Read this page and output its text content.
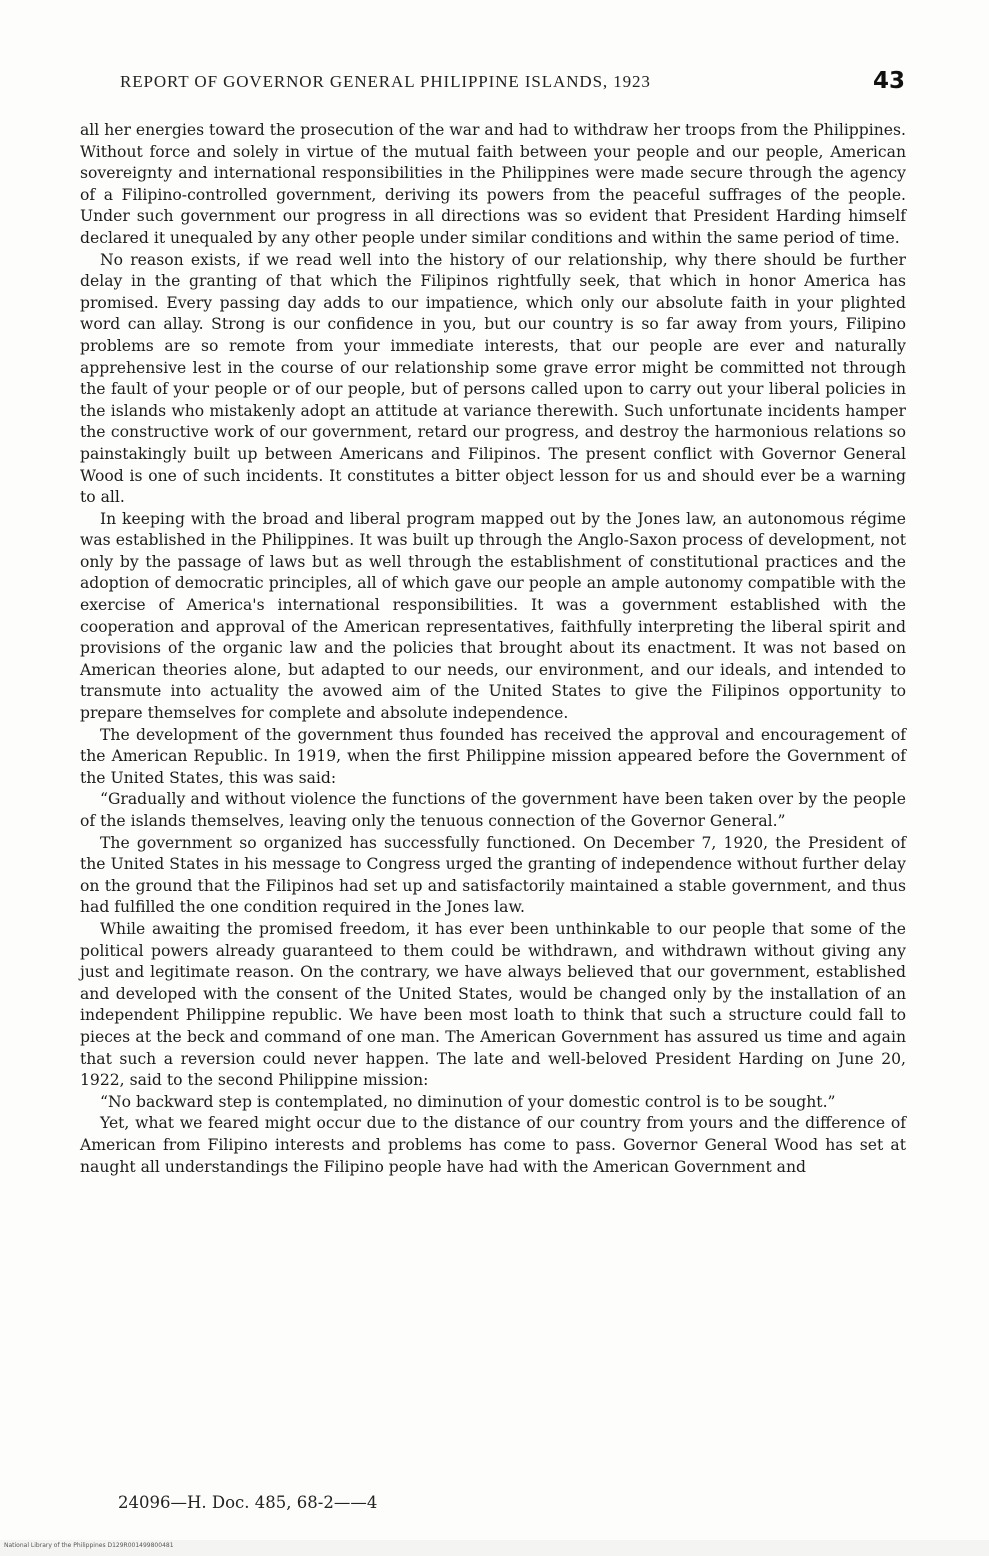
REPORT OF GOVERNOR GENERAL PHILIPPINE ISLANDS, 1923	43

all her energies toward the prosecution of the war and had to withdraw her troops from the Philippines. Without force and solely in virtue of the mutual faith between your people and our people, American sovereignty and international responsibilities in the Philippines were made secure through the agency of a Filipino-controlled government, deriving its powers from the peaceful suffrages of the people. Under such government our progress in all directions was so evident that President Harding himself declared it unequaled by any other people under similar conditions and within the same period of time.

No reason exists, if we read well into the history of our relationship, why there should be further delay in the granting of that which the Filipinos rightfully seek, that which in honor America has promised. Every passing day adds to our impatience, which only our absolute faith in your plighted word can allay. Strong is our confidence in you, but our country is so far away from yours, Filipino problems are so remote from your immediate interests, that our people are ever and naturally apprehensive lest in the course of our relationship some grave error might be committed not through the fault of your people or of our people, but of persons called upon to carry out your liberal policies in the islands who mistakenly adopt an attitude at variance therewith. Such unfortunate incidents hamper the constructive work of our government, retard our progress, and destroy the harmonious relations so painstakingly built up between Americans and Filipinos. The present conflict with Governor General Wood is one of such incidents. It constitutes a bitter object lesson for us and should ever be a warning to all.

In keeping with the broad and liberal program mapped out by the Jones law, an autonomous régime was established in the Philippines. It was built up through the Anglo-Saxon process of development, not only by the passage of laws but as well through the establishment of constitutional practices and the adoption of democratic principles, all of which gave our people an ample autonomy compatible with the exercise of America's international responsibilities. It was a government established with the cooperation and approval of the American representatives, faithfully interpreting the liberal spirit and provisions of the organic law and the policies that brought about its enactment. It was not based on American theories alone, but adapted to our needs, our environment, and our ideals, and intended to transmute into actuality the avowed aim of the United States to give the Filipinos opportunity to prepare themselves for complete and absolute independence.

The development of the government thus founded has received the approval and encouragement of the American Republic. In 1919, when the first Philippine mission appeared before the Government of the United States, this was said:

“Gradually and without violence the functions of the government have been taken over by the people of the islands themselves, leaving only the tenuous connection of the Governor General.”

The government so organized has successfully functioned. On December 7, 1920, the President of the United States in his message to Congress urged the granting of independence without further delay on the ground that the Filipinos had set up and satisfactorily maintained a stable government, and thus had fulfilled the one condition required in the Jones law.

While awaiting the promised freedom, it has ever been unthinkable to our people that some of the political powers already guaranteed to them could be withdrawn, and withdrawn without giving any just and legitimate reason. On the contrary, we have always believed that our government, established and developed with the consent of the United States, would be changed only by the installation of an independent Philippine republic. We have been most loath to think that such a structure could fall to pieces at the beck and command of one man. The American Government has assured us time and again that such a reversion could never happen. The late and well-beloved President Harding on June 20, 1922, said to the second Philippine mission:

“No backward step is contemplated, no diminution of your domestic control is to be sought.”

Yet, what we feared might occur due to the distance of our country from yours and the difference of American from Filipino interests and problems has come to pass. Governor General Wood has set at naught all understandings the Filipino people have had with the American Government and

24096—H. Doc. 485, 68-2——4
National Library of the Philippines D129R001499800481
